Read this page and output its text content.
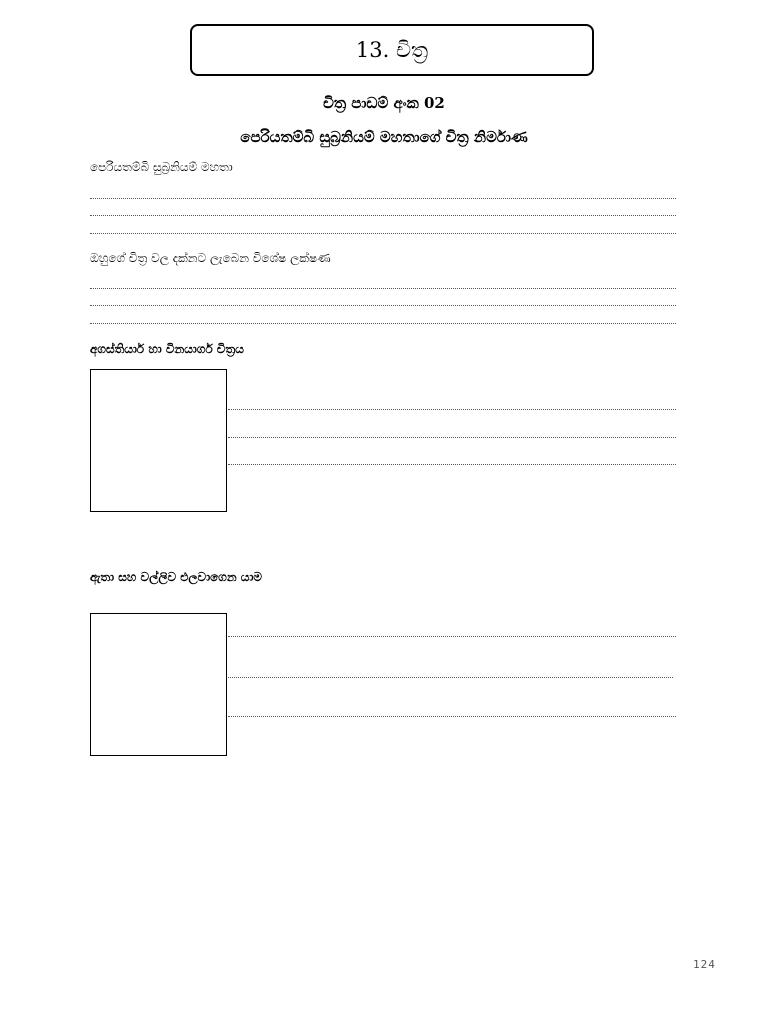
13. චිත්‍ර
චිත්‍ර පාඩම් අංක 02
පෙරියතම්බි සුබ්‍රනියම් මහතාගේ චිත්‍ර නිර්මාණ
පෙරියතම්බි සුබ්‍රනියම් මහතා
ඔහුගේ චිත්‍ර වල දක්නට ලැබෙන විශේෂ ලක්ෂණ
අගස්තියාර් හා විනයාගර් චිත්‍රය
ඇතා සහ වල්ලිව එලවාගෙන යාම
124
